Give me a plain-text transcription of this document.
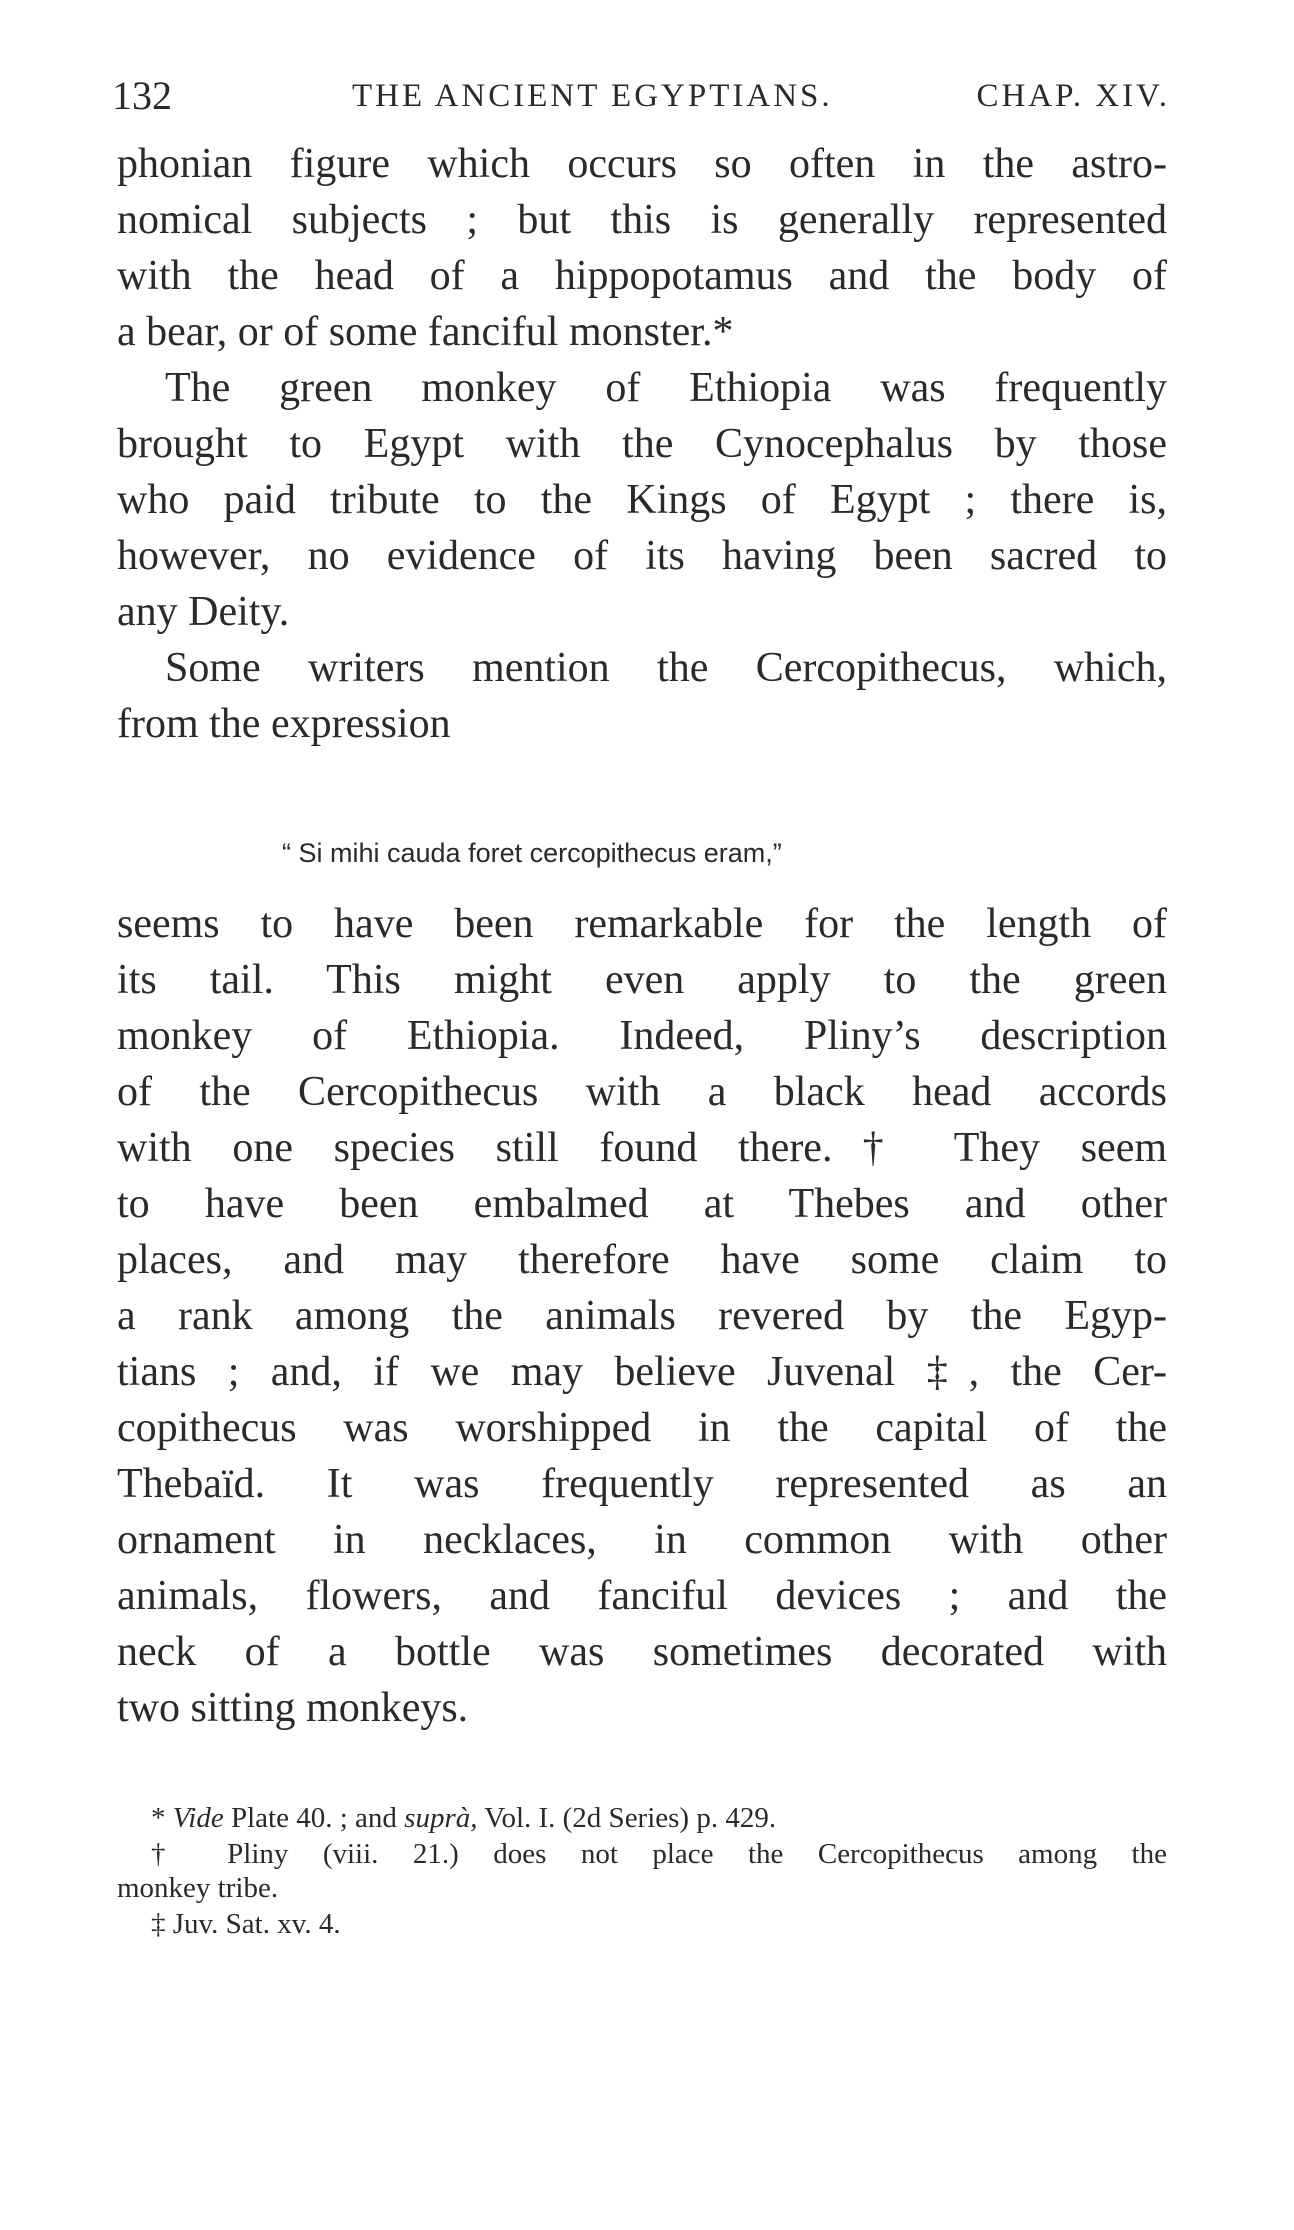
132	THE ANCIENT EGYPTIANS.	CHAP. XIV.
phonian figure which occurs so often in the astro-
nomical subjects ; but this is generally represented
with the head of a hippopotamus and the body of
a bear, or of some fanciful monster.*
The green monkey of Ethiopia was frequently
brought to Egypt with the Cynocephalus by those
who paid tribute to the Kings of Egypt ; there is,
however, no evidence of its having been sacred to
any Deity.
Some writers mention the Cercopithecus, which,
from the expression
“ Si mihi cauda foret cercopithecus eram,”
seems to have been remarkable for the length of
its tail. This might even apply to the green
monkey of Ethiopia. Indeed, Pliny’s description
of the Cercopithecus with a black head accords
with one species still found there.† They seem
to have been embalmed at Thebes and other
places, and may therefore have some claim to
a rank among the animals revered by the Egyp-
tians ; and, if we may believe Juvenal ‡, the Cer-
copithecus was worshipped in the capital of the
Thebaïd. It was frequently represented as an
ornament in necklaces, in common with other
animals, flowers, and fanciful devices ; and the
neck of a bottle was sometimes decorated with
two sitting monkeys.
* Vide Plate 40. ; and suprà, Vol. I. (2d Series) p. 429.
† Pliny (viii. 21.) does not place the Cercopithecus among the
monkey tribe.
‡ Juv. Sat. xv. 4.
